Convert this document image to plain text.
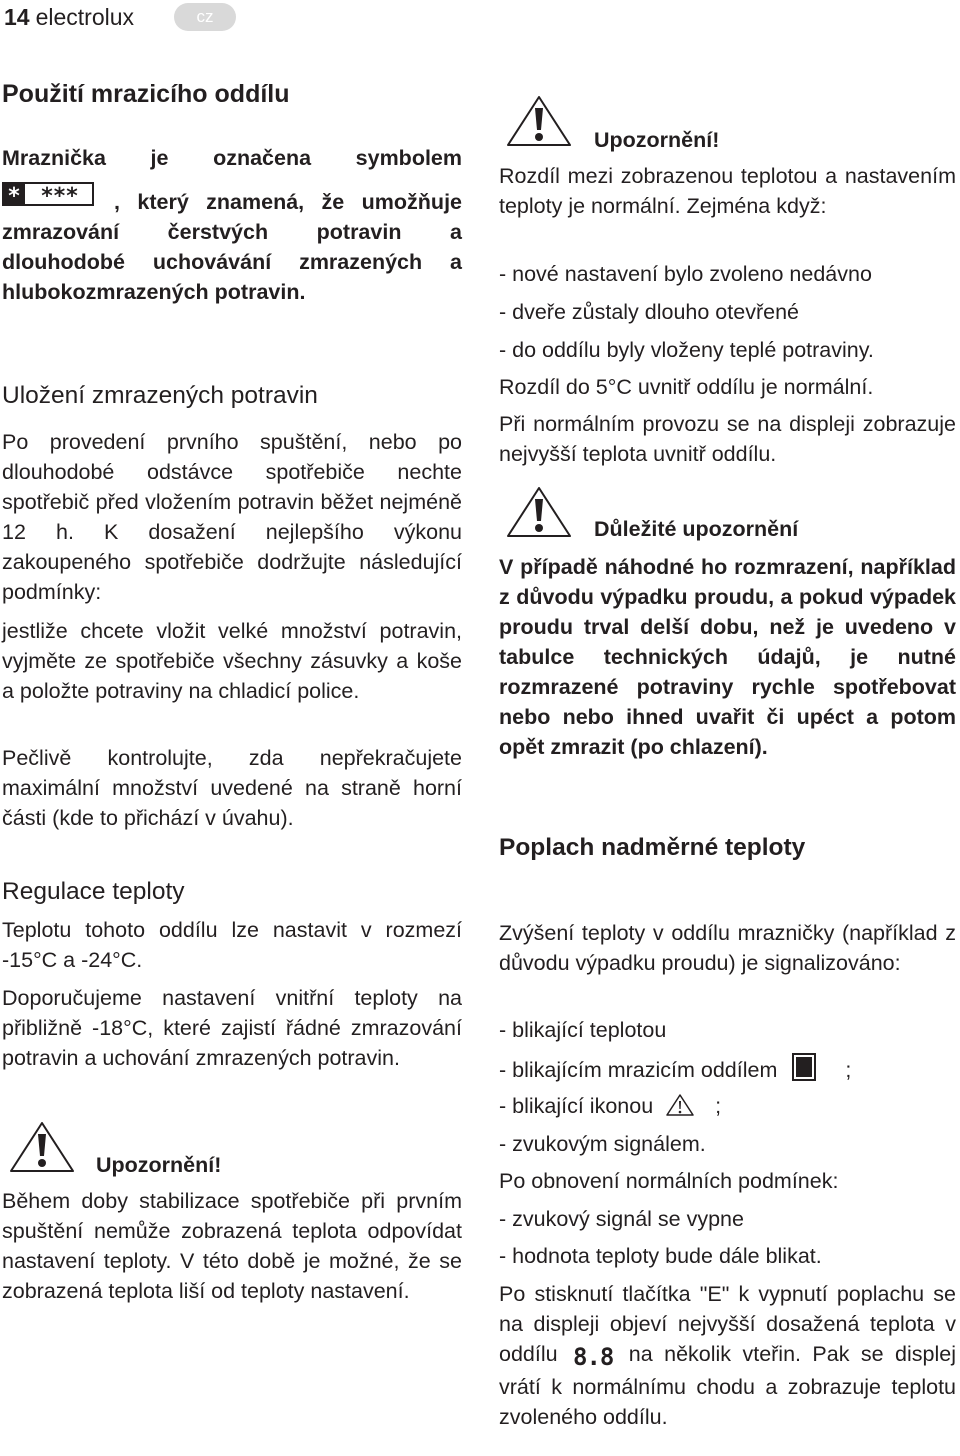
14 electrolux	cz
Použití mrazicího oddílu
Mraznička je označena symbolem
* ***	, který znamená, že umožňuje zmrazování čerstvých potravin a dlouhodobé uchovávání zmrazených a hlubokozmrazených potravin.
Uložení zmrazených potravin
Po provedení prvního spuštění, nebo po dlouhodobé odstávce spotřebiče nechte spotřebič před vložením potravin běžet nejméně 12 h. K dosažení nejlepšího výkonu zakoupeného spotřebiče dodržujte následující podmínky:
jestliže chcete vložit velké množství potravin, vyjměte ze spotřebiče všechny zásuvky a koše a položte potraviny na chladicí police.
Pečlivě kontrolujte, zda nepřekračujete maximální množství uvedené na straně horní části (kde to přichází v úvahu).
Regulace teploty
Teplotu tohoto oddílu lze nastavit v rozmezí -15°C a -24°C.
Doporučujeme nastavení vnitřní teploty na přibližně -18°C, které zajistí řádné zmrazování potravin a uchování zmrazených potravin.
Upozornění!
Během doby stabilizace spotřebiče při prvním spuštění nemůže zobrazená teplota odpovídat nastavení teploty. V této době je možné, že se zobrazená teplota liší od teploty nastavení.
Upozornění!
Rozdíl mezi zobrazenou teplotou a nastavením teploty je normální. Zejména když:
- nové nastavení bylo zvoleno nedávno
- dveře zůstaly dlouho otevřené
- do oddílu byly vloženy teplé potraviny.
Rozdíl do 5°C uvnitř oddílu je normální.
Při normálním provozu se na displeji zobrazuje nejvyšší teplota uvnitř oddílu.
Důležité upozornění
V případě náhodné ho rozmrazení, například z důvodu výpadku proudu, a pokud výpadek proudu trval delší dobu, než je uvedeno v tabulce technických údajů, je nutné rozmrazené potraviny rychle spotřebovat nebo nebo ihned uvařit či upéct a potom opět zmrazit (po chlazení).
Poplach nadměrné teploty
Zvýšení teploty v oddílu mrazničky (například z důvodu výpadku proudu) je signalizováno:
- blikající teplotou
- blikajícím mrazicím oddílem	;
- blikající ikonou	;
- zvukovým signálem.
Po obnovení normálních podmínek:
- zvukový signál se vypne
- hodnota teploty bude dále blikat.
Po stisknutí tlačítka "E" k vypnutí poplachu se na displeji objeví nejvyšší dosažená teplota v oddílu 8.8 na několik vteřin. Pak se displej vrátí k normálnímu chodu a zobrazuje teplotu zvoleného oddílu.
